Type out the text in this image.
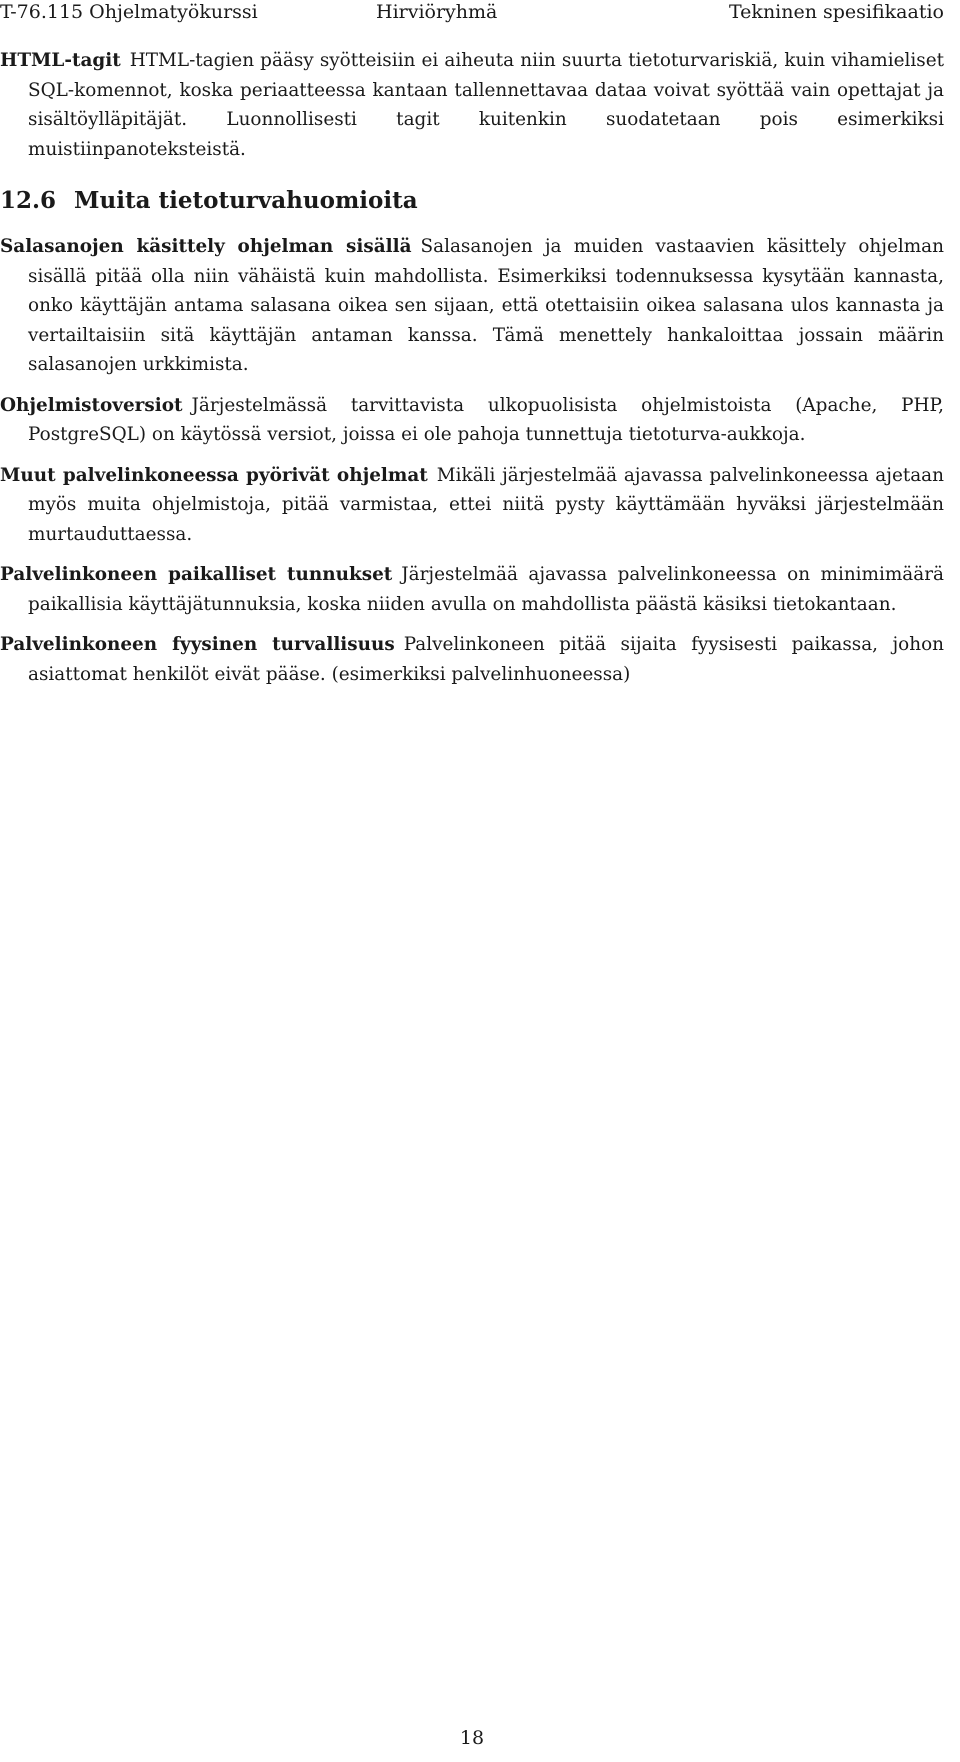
T-76.115 Ohjelmatyökurssi	Hirviöryhmä	Tekninen spesifikaatio

HTML-tagit HTML-tagien pääsy syötteisiin ei aiheuta niin suurta tietoturvariskiä, kuin vihamieliset SQL-komennot, koska periaatteessa kantaan tallennettavaa dataa voivat syöttää vain opettajat ja sisältöylläpitäjät. Luonnollisesti tagit kuitenkin suodatetaan pois esimerkiksi muistiinpanoteksteistä.

12.6 Muita tietoturvahuomioita

Salasanojen käsittely ohjelman sisällä Salasanojen ja muiden vastaavien käsittely ohjelman sisällä pitää olla niin vähäistä kuin mahdollista. Esimerkiksi todennuksessa kysytään kannasta, onko käyttäjän antama salasana oikea sen sijaan, että otettaisiin oikea salasana ulos kannasta ja vertailtaisiin sitä käyttäjän antaman kanssa. Tämä menettely hankaloittaa jossain määrin salasanojen urkkimista.

Ohjelmistoversiot Järjestelmässä tarvittavista ulkopuolisista ohjelmistoista (Apache, PHP, PostgreSQL) on käytössä versiot, joissa ei ole pahoja tunnettuja tietoturva-aukkoja.

Muut palvelinkoneessa pyörivät ohjelmat Mikäli järjestelmää ajavassa palvelinkoneessa ajetaan myös muita ohjelmistoja, pitää varmistaa, ettei niitä pysty käyttämään hyväksi järjestelmään murtauduttaessa.

Palvelinkoneen paikalliset tunnukset Järjestelmää ajavassa palvelinkoneessa on minimimäärä paikallisia käyttäjätunnuksia, koska niiden avulla on mahdollista päästä käsiksi tietokantaan.

Palvelinkoneen fyysinen turvallisuus Palvelinkoneen pitää sijaita fyysisesti paikassa, johon asiattomat henkilöt eivät pääse. (esimerkiksi palvelinhuoneessa)

18
